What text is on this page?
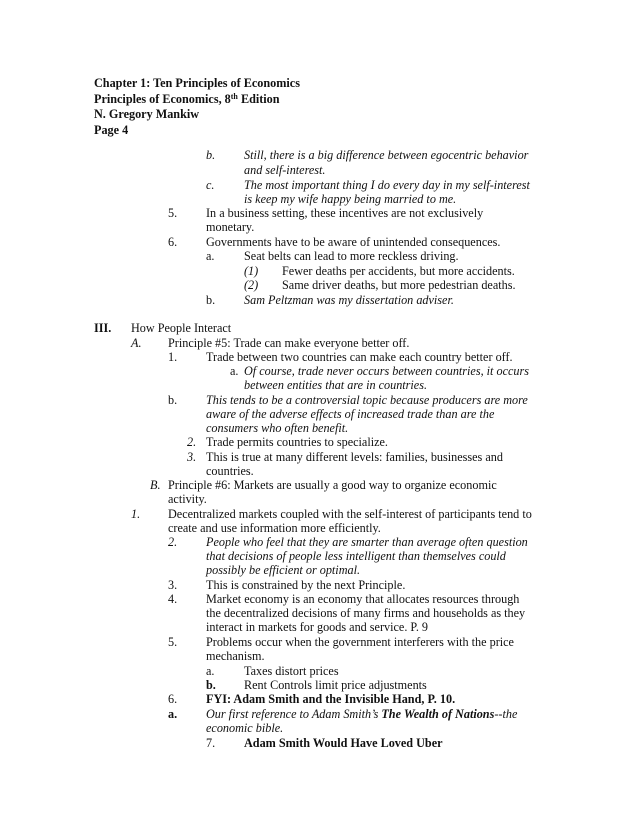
Chapter 1: Ten Principles of Economics
Principles of Economics, 8th Edition
N. Gregory Mankiw
Page 4
b. Still, there is a big difference between egocentric behavior
and self-interest.
c. The most important thing I do every day in my self-interest
is keep my wife happy being married to me.
5. In a business setting, these incentives are not exclusively
monetary.
6. Governments have to be aware of unintended consequences.
a. Seat belts can lead to more reckless driving.
(1) Fewer deaths per accidents, but more accidents.
(2) Same driver deaths, but more pedestrian deaths.
b. Sam Peltzman was my dissertation adviser.
III. How People Interact
A. Principle #5: Trade can make everyone better off.
1. Trade between two countries can make each country better off.
a. Of course, trade never occurs between countries, it occurs
between entities that are in countries.
b. This tends to be a controversial topic because producers are more
aware of the adverse effects of increased trade than are the
consumers who often benefit.
2. Trade permits countries to specialize.
3. This is true at many different levels: families, businesses and
countries.
B. Principle #6: Markets are usually a good way to organize economic
activity.
1. Decentralized markets coupled with the self-interest of participants tend to
create and use information more efficiently.
2. People who feel that they are smarter than average often question
that decisions of people less intelligent than themselves could
possibly be efficient or optimal.
3. This is constrained by the next Principle.
4. Market economy is an economy that allocates resources through
the decentralized decisions of many firms and households as they
interact in markets for goods and service. P. 9
5. Problems occur when the government interferers with the price
mechanism.
a. Taxes distort prices
b. Rent Controls limit price adjustments
6. FYI: Adam Smith and the Invisible Hand, P. 10.
a. Our first reference to Adam Smith’s The Wealth of Nations--the
economic bible.
7. Adam Smith Would Have Loved Uber
